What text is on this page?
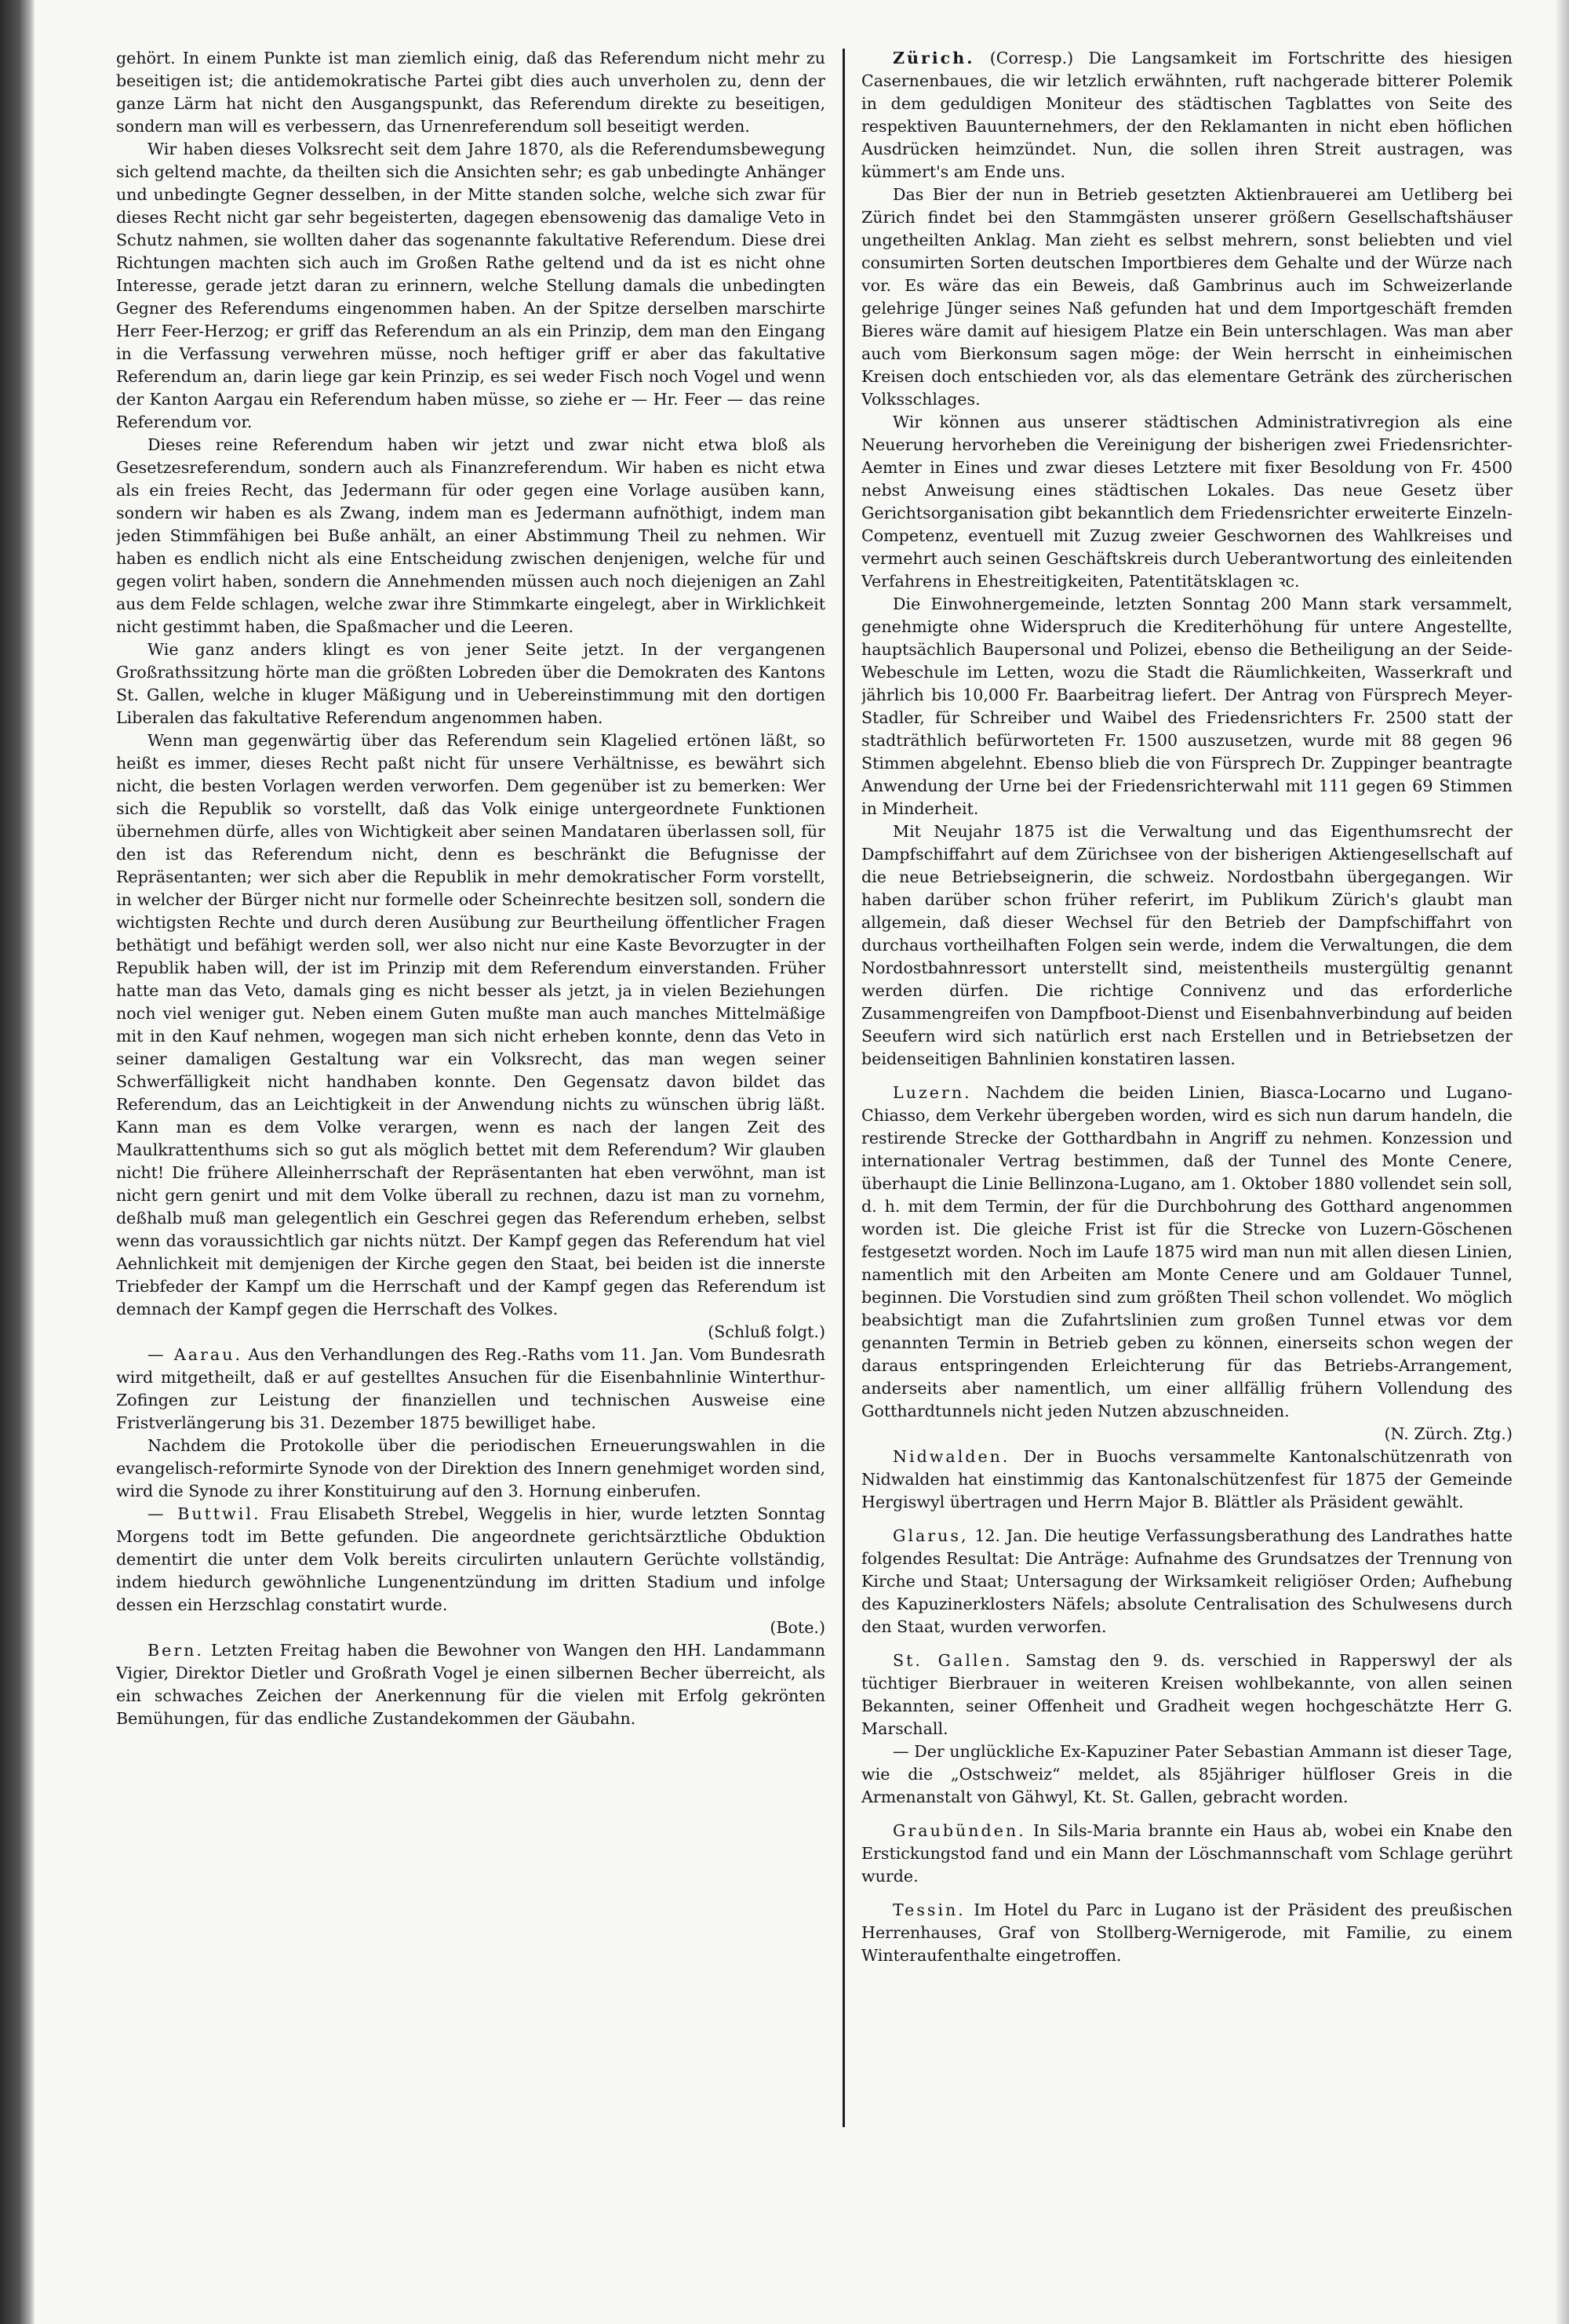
gehört. In einem Punkte ist man ziemlich einig, daß das Referendum nicht mehr zu beseitigen ist; die antidemokratische Partei gibt dies auch unverholen zu, denn der ganze Lärm hat nicht den Ausgangspunkt, das Referendum direkte zu beseitigen, sondern man will es verbessern, das Urnenreferendum soll beseitigt werden.

Wir haben dieses Volksrecht seit dem Jahre 1870, als die Referendumsbewegung sich geltend machte, da theilten sich die Ansichten sehr; es gab unbedingte Anhänger und unbedingte Gegner desselben, in der Mitte standen solche, welche sich zwar für dieses Recht nicht gar sehr begeisterten, dagegen ebensowenig das damalige Veto in Schutz nahmen, sie wollten daher das sogenannte fakultative Referendum. Diese drei Richtungen machten sich auch im Großen Rathe geltend und da ist es nicht ohne Interesse, gerade jetzt daran zu erinnern, welche Stellung damals die unbedingten Gegner des Referendums eingenommen haben. An der Spitze derselben marschirte Herr Feer-Herzog; er griff das Referendum an als ein Prinzip, dem man den Eingang in die Verfassung verwehren müsse, noch heftiger griff er aber das fakultative Referendum an, darin liege gar kein Prinzip, es sei weder Fisch noch Vogel und wenn der Kanton Aargau ein Referendum haben müsse, so ziehe er — Hr. Feer — das reine Referendum vor.

Dieses reine Referendum haben wir jetzt und zwar nicht etwa bloß als Gesetzesreferendum, sondern auch als Finanzreferendum. Wir haben es nicht etwa als ein freies Recht, das Jedermann für oder gegen eine Vorlage ausüben kann, sondern wir haben es als Zwang, indem man es Jedermann aufnöthigt, indem man jeden Stimmfähigen bei Buße anhält, an einer Abstimmung Theil zu nehmen. Wir haben es endlich nicht als eine Entscheidung zwischen denjenigen, welche für und gegen volirt haben, sondern die Annehmenden müssen auch noch diejenigen an Zahl aus dem Felde schlagen, welche zwar ihre Stimmkarte eingelegt, aber in Wirklichkeit nicht gestimmt haben, die Spaßmacher und die Leeren.

Wie ganz anders klingt es von jener Seite jetzt. In der vergangenen Großrathssitzung hörte man die größten Lobreden über die Demokraten des Kantons St. Gallen, welche in kluger Mäßigung und in Uebereinstimmung mit den dortigen Liberalen das fakultative Referendum angenommen haben.

Wenn man gegenwärtig über das Referendum sein Klagelied ertönen läßt, so heißt es immer, dieses Recht paßt nicht für unsere Verhältnisse, es bewährt sich nicht, die besten Vorlagen werden verworfen. Dem gegenüber ist zu bemerken: Wer sich die Republik so vorstellt, daß das Volk einige untergeordnete Funktionen übernehmen dürfe, alles von Wichtigkeit aber seinen Mandataren überlassen soll, für den ist das Referendum nicht, denn es beschränkt die Befugnisse der Repräsentanten; wer sich aber die Republik in mehr demokratischer Form vorstellt, in welcher der Bürger nicht nur formelle oder Scheinrechte besitzen soll, sondern die wichtigsten Rechte und durch deren Ausübung zur Beurtheilung öffentlicher Fragen bethätigt und befähigt werden soll, wer also nicht nur eine Kaste Bevorzugter in der Republik haben will, der ist im Prinzip mit dem Referendum einverstanden. Früher hatte man das Veto, damals ging es nicht besser als jetzt, ja in vielen Beziehungen noch viel weniger gut. Neben einem Guten mußte man auch manches Mittelmäßige mit in den Kauf nehmen, wogegen man sich nicht erheben konnte, denn das Veto in seiner damaligen Gestaltung war ein Volksrecht, das man wegen seiner Schwerfälligkeit nicht handhaben konnte. Den Gegensatz davon bildet das Referendum, das an Leichtigkeit in der Anwendung nichts zu wünschen übrig läßt. Kann man es dem Volke verargen, wenn es nach der langen Zeit des Maulkrattenthums sich so gut als möglich bettet mit dem Referendum? Wir glauben nicht! Die frühere Alleinherrschaft der Repräsentanten hat eben verwöhnt, man ist nicht gern genirt und mit dem Volke überall zu rechnen, dazu ist man zu vornehm, deßhalb muß man gelegentlich ein Geschrei gegen das Referendum erheben, selbst wenn das voraussichtlich gar nichts nützt. Der Kampf gegen das Referendum hat viel Aehnlichkeit mit demjenigen der Kirche gegen den Staat, bei beiden ist die innerste Triebfeder der Kampf um die Herrschaft und der Kampf gegen das Referendum ist demnach der Kampf gegen die Herrschaft des Volkes.

(Schluß folgt.)

— Aarau. Aus den Verhandlungen des Reg.-Raths vom 11. Jan. Vom Bundesrath wird mitgetheilt, daß er auf gestelltes Ansuchen für die Eisenbahnlinie Winterthur-Zofingen zur Leistung der finanziellen und technischen Ausweise eine Fristverlängerung bis 31. Dezember 1875 bewilliget habe.

Nachdem die Protokolle über die periodischen Erneuerungswahlen in die evangelisch-reformirte Synode von der Direktion des Innern genehmiget worden sind, wird die Synode zu ihrer Konstituirung auf den 3. Hornung einberufen.

— Buttwil. Frau Elisabeth Strebel, Weggelis in hier, wurde letzten Sonntag Morgens todt im Bette gefunden. Die angeordnete gerichtsärztliche Obduktion dementirt die unter dem Volk bereits circulirten unlautern Gerüchte vollständig, indem hiedurch gewöhnliche Lungenentzündung im dritten Stadium und infolge dessen ein Herzschlag constatirt wurde.

(Bote.)

Bern. Letzten Freitag haben die Bewohner von Wangen den HH. Landammann Vigier, Direktor Dietler und Großrath Vogel je einen silbernen Becher überreicht, als ein schwaches Zeichen der Anerkennung für die vielen mit Erfolg gekrönten Bemühungen, für das endliche Zustandekommen der Gäubahn.

Zürich. (Corresp.) Die Langsamkeit im Fortschritte des hiesigen Casernenbaues, die wir letzlich erwähnten, ruft nachgerade bitterer Polemik in dem geduldigen Moniteur des städtischen Tagblattes von Seite des respektiven Bauunternehmers, der den Reklamanten in nicht eben höflichen Ausdrücken heimzündet. Nun, die sollen ihren Streit austragen, was kümmert's am Ende uns.

Das Bier der nun in Betrieb gesetzten Aktienbrauerei am Uetliberg bei Zürich findet bei den Stammgästen unserer größern Gesellschaftshäuser ungetheilten Anklag. Man zieht es selbst mehrern, sonst beliebten und viel consumirten Sorten deutschen Importbieres dem Gehalte und der Würze nach vor. Es wäre das ein Beweis, daß Gambrinus auch im Schweizerlande gelehrige Jünger seines Naß gefunden hat und dem Importgeschäft fremden Bieres wäre damit auf hiesigem Platze ein Bein unterschlagen. Was man aber auch vom Bierkonsum sagen möge: der Wein herrscht in einheimischen Kreisen doch entschieden vor, als das elementare Getränk des zürcherischen Volksschlages.

Wir können aus unserer städtischen Administrativregion als eine Neuerung hervorheben die Vereinigung der bisherigen zwei Friedensrichter-Aemter in Eines und zwar dieses Letztere mit fixer Besoldung von Fr. 4500 nebst Anweisung eines städtischen Lokales. Das neue Gesetz über Gerichtsorganisation gibt bekanntlich dem Friedensrichter erweiterte Einzeln-Competenz, eventuell mit Zuzug zweier Geschwornen des Wahlkreises und vermehrt auch seinen Geschäftskreis durch Ueberantwortung des einleitenden Verfahrens in Ehestreitigkeiten, Patentitätsklagen ꝛc.

Die Einwohnergemeinde, letzten Sonntag 200 Mann stark versammelt, genehmigte ohne Widerspruch die Krediterhöhung für untere Angestellte, hauptsächlich Baupersonal und Polizei, ebenso die Betheiligung an der Seide-Webeschule im Letten, wozu die Stadt die Räumlichkeiten, Wasserkraft und jährlich bis 10,000 Fr. Baarbeitrag liefert. Der Antrag von Fürsprech Meyer-Stadler, für Schreiber und Waibel des Friedensrichters Fr. 2500 statt der stadträthlich befürworteten Fr. 1500 auszusetzen, wurde mit 88 gegen 96 Stimmen abgelehnt. Ebenso blieb die von Fürsprech Dr. Zuppinger beantragte Anwendung der Urne bei der Friedensrichterwahl mit 111 gegen 69 Stimmen in Minderheit.

Mit Neujahr 1875 ist die Verwaltung und das Eigenthumsrecht der Dampfschiffahrt auf dem Zürichsee von der bisherigen Aktiengesellschaft auf die neue Betriebseignerin, die schweiz. Nordostbahn übergegangen. Wir haben darüber schon früher referirt, im Publikum Zürich's glaubt man allgemein, daß dieser Wechsel für den Betrieb der Dampfschiffahrt von durchaus vortheilhaften Folgen sein werde, indem die Verwaltungen, die dem Nordostbahnressort unterstellt sind, meistentheils mustergültig genannt werden dürfen. Die richtige Connivenz und das erforderliche Zusammengreifen von Dampfboot-Dienst und Eisenbahnverbindung auf beiden Seeufern wird sich natürlich erst nach Erstellen und in Betriebsetzen der beidenseitigen Bahnlinien konstatiren lassen.

Luzern. Nachdem die beiden Linien, Biasca-Locarno und Lugano-Chiasso, dem Verkehr übergeben worden, wird es sich nun darum handeln, die restirende Strecke der Gotthardbahn in Angriff zu nehmen. Konzession und internationaler Vertrag bestimmen, daß der Tunnel des Monte Cenere, überhaupt die Linie Bellinzona-Lugano, am 1. Oktober 1880 vollendet sein soll, d. h. mit dem Termin, der für die Durchbohrung des Gotthard angenommen worden ist. Die gleiche Frist ist für die Strecke von Luzern-Göschenen festgesetzt worden. Noch im Laufe 1875 wird man nun mit allen diesen Linien, namentlich mit den Arbeiten am Monte Cenere und am Goldauer Tunnel, beginnen. Die Vorstudien sind zum größten Theil schon vollendet. Wo möglich beabsichtigt man die Zufahrtslinien zum großen Tunnel etwas vor dem genannten Termin in Betrieb geben zu können, einerseits schon wegen der daraus entspringenden Erleichterung für das Betriebs-Arrangement, anderseits aber namentlich, um einer allfällig frühern Vollendung des Gotthardtunnels nicht jeden Nutzen abzuschneiden.

(N. Zürch. Ztg.)

Nidwalden. Der in Buochs versammelte Kantonalschützenrath von Nidwalden hat einstimmig das Kantonalschützenfest für 1875 der Gemeinde Hergiswyl übertragen und Herrn Major B. Blättler als Präsident gewählt.

Glarus, 12. Jan. Die heutige Verfassungsberathung des Landrathes hatte folgendes Resultat: Die Anträge: Aufnahme des Grundsatzes der Trennung von Kirche und Staat; Untersagung der Wirksamkeit religiöser Orden; Aufhebung des Kapuzinerklosters Näfels; absolute Centralisation des Schulwesens durch den Staat, wurden verworfen.

St. Gallen. Samstag den 9. ds. verschied in Rapperswyl der als tüchtiger Bierbrauer in weiteren Kreisen wohlbekannte, von allen seinen Bekannten, seiner Offenheit und Gradheit wegen hochgeschätzte Herr G. Marschall.

— Der unglückliche Ex-Kapuziner Pater Sebastian Ammann ist dieser Tage, wie die „Ostschweiz“ meldet, als 85jähriger hülfloser Greis in die Armenanstalt von Gähwyl, Kt. St. Gallen, gebracht worden.

Graubünden. In Sils-Maria brannte ein Haus ab, wobei ein Knabe den Erstickungstod fand und ein Mann der Löschmannschaft vom Schlage gerührt wurde.

Tessin. Im Hotel du Parc in Lugano ist der Präsident des preußischen Herrenhauses, Graf von Stollberg-Wernigerode, mit Familie, zu einem Winteraufenthalte eingetroffen.
